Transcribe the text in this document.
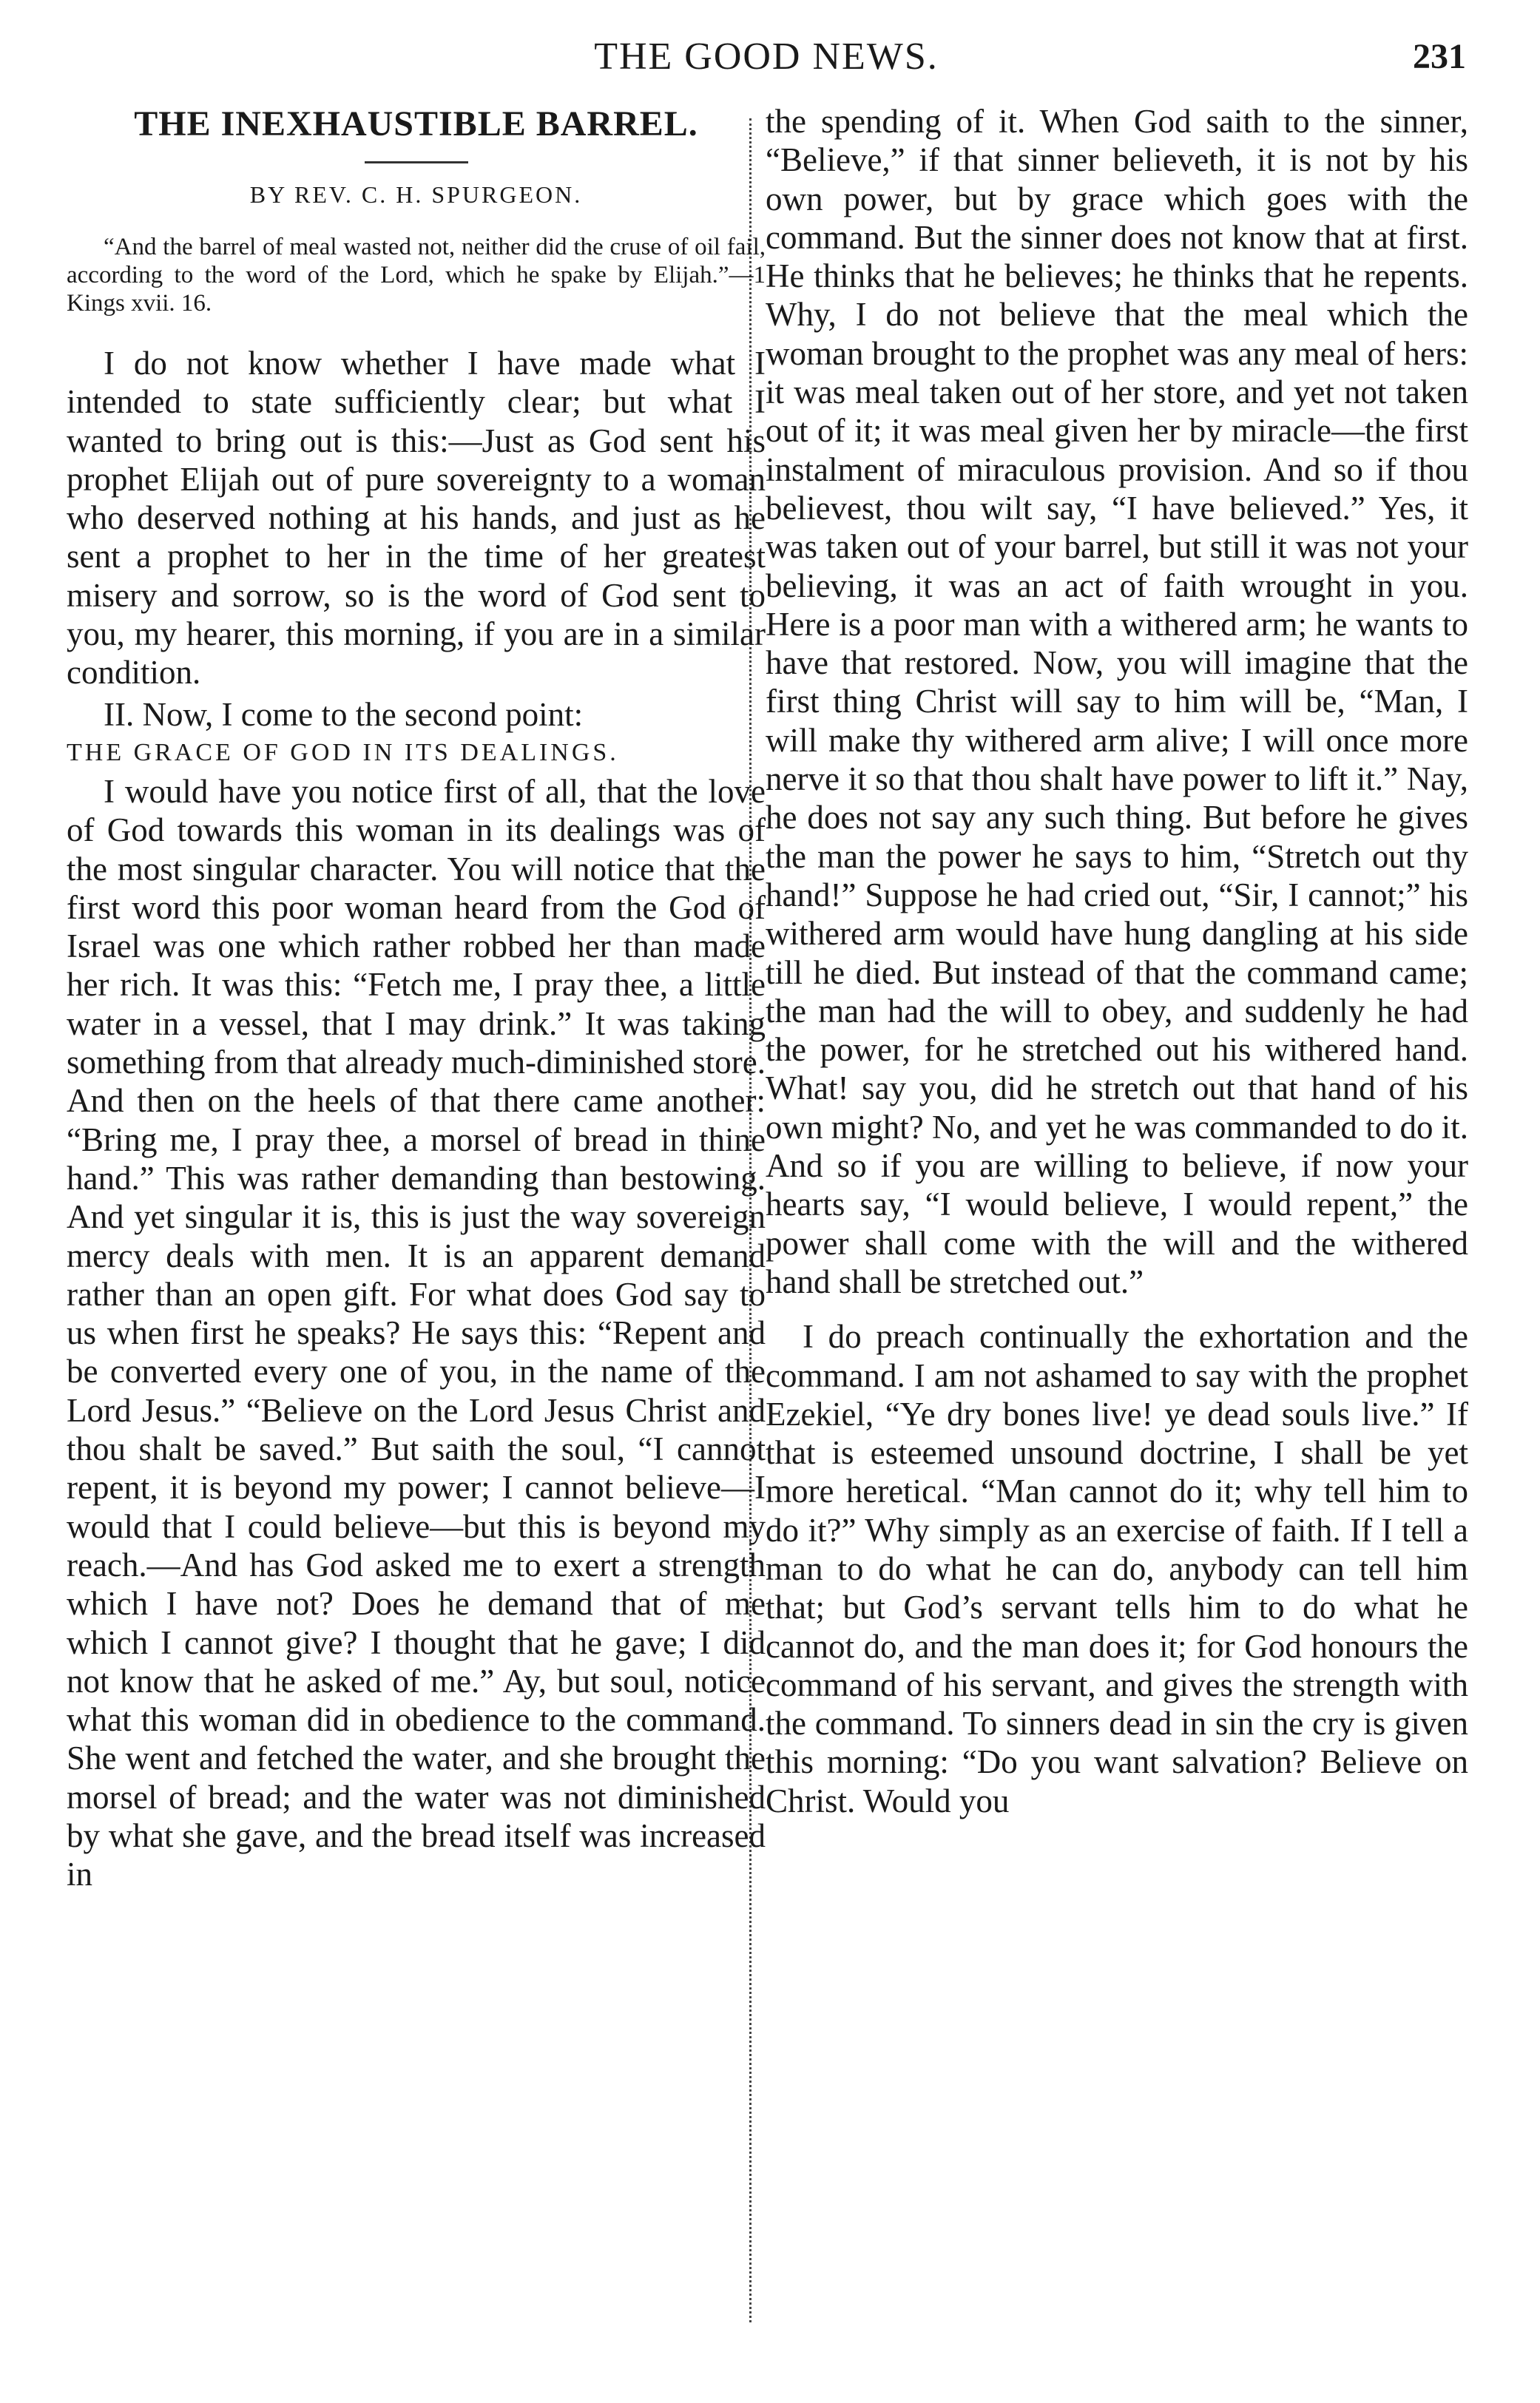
THE GOOD NEWS.	231
THE INEXHAUSTIBLE BARREL.
BY REV. C. H. SPURGEON.

“And the barrel of meal wasted not, neither did the cruse of oil fail, according to the word of the Lord, which he spake by Elijah.”—1 Kings xvii. 16.

I do not know whether I have made what I intended to state sufficiently clear; but what I wanted to bring out is this:—Just as God sent his prophet Elijah out of pure sovereignty to a woman who deserved nothing at his hands, and just as he sent a prophet to her in the time of her greatest misery and sorrow, so is the word of God sent to you, my hearer, this morning, if you are in a similar condition.

II. Now, I come to the second point:

THE GRACE OF GOD IN ITS DEALINGS.

I would have you notice first of all, that the love of God towards this woman in its dealings was of the most singular character. You will notice that the first word this poor woman heard from the God of Israel was one which rather robbed her than made her rich. It was this: “Fetch me, I pray thee, a little water in a vessel, that I may drink.” It was taking something from that already much-diminished store. And then on the heels of that there came another: “Bring me, I pray thee, a morsel of bread in thine hand.” This was rather demanding than bestowing. And yet singular it is, this is just the way sovereign mercy deals with men. It is an apparent demand rather than an open gift. For what does God say to us when first he speaks? He says this: “Repent and be converted every one of you, in the name of the Lord Jesus.” “Believe on the Lord Jesus Christ and thou shalt be saved.” But saith the soul, “I cannot repent, it is beyond my power; I cannot believe—I would that I could believe—but this is beyond my reach.—And has God asked me to exert a strength which I have not? Does he demand that of me which I cannot give? I thought that he gave; I did not know that he asked of me.” Ay, but soul, notice what this woman did in obedience to the command. She went and fetched the water, and she brought the morsel of bread; and the water was not diminished by what she gave, and the bread itself was increased in

the spending of it. When God saith to the sinner, “Believe,” if that sinner believeth, it is not by his own power, but by grace which goes with the command. But the sinner does not know that at first. He thinks that he believes; he thinks that he repents. Why, I do not believe that the meal which the woman brought to the prophet was any meal of hers: it was meal taken out of her store, and yet not taken out of it; it was meal given her by miracle—the first instalment of miraculous provision. And so if thou believest, thou wilt say, “I have believed.” Yes, it was taken out of your barrel, but still it was not your believing, it was an act of faith wrought in you. Here is a poor man with a withered arm; he wants to have that restored. Now, you will imagine that the first thing Christ will say to him will be, “Man, I will make thy withered arm alive; I will once more nerve it so that thou shalt have power to lift it.” Nay, he does not say any such thing. But before he gives the man the power he says to him, “Stretch out thy hand!” Suppose he had cried out, “Sir, I cannot;” his withered arm would have hung dangling at his side till he died. But instead of that the command came; the man had the will to obey, and suddenly he had the power, for he stretched out his withered hand. What! say you, did he stretch out that hand of his own might? No, and yet he was commanded to do it. And so if you are willing to believe, if now your hearts say, “I would believe, I would repent,” the power shall come with the will and the withered hand shall be stretched out.”

I do preach continually the exhortation and the command. I am not ashamed to say with the prophet Ezekiel, “Ye dry bones live! ye dead souls live.” If that is esteemed unsound doctrine, I shall be yet more heretical. “Man cannot do it; why tell him to do it?” Why simply as an exercise of faith. If I tell a man to do what he can do, anybody can tell him that; but God’s servant tells him to do what he cannot do, and the man does it; for God honours the command of his servant, and gives the strength with the command. To sinners dead in sin the cry is given this morning: “Do you want salvation? Believe on Christ. Would you
